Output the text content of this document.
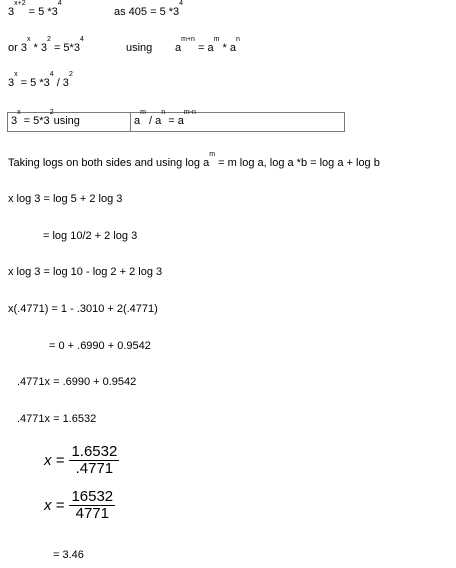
$3^{x+2} = 5$ $*3^4$
as 405 = 5 $*3^4$
or $3^x * 3^2 = 5*3^4$
using $a^{m+n} = a^m * a^n$
$3^x = 5$ $*3^4 / 3^2$
$3^x = 5*3^2using$	$a^m / a^n = a^{m-n}$
Taking logs on both sides and using $\log a^m = m$ log a, log a *b = log a + log b
x log 3 = log 5 + 2 log 3
= log 10/2 + 2 log 3
x log 3 = log 10 - log 2 + 2 log 3
x(.4771) = 1 - .3010 + 2(.4771)
= 0 + .6990 + 0.9542
.4771x = .6990 + 0.9542
.4771x = 1.6532
$x = \frac{1.6532}{.4771}$
$x = \frac{16532}{4771}$
= 3.46
